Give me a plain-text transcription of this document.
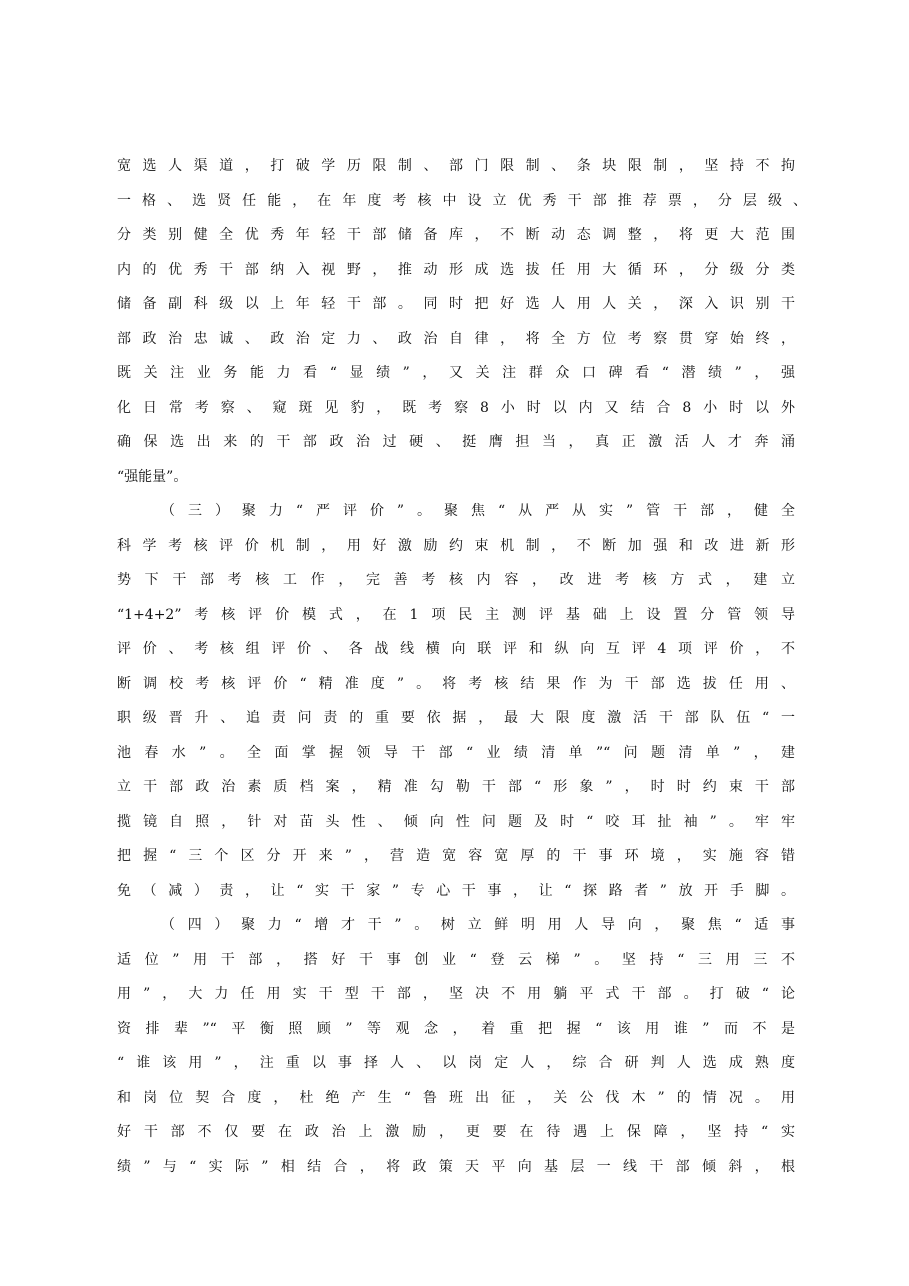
宽选人渠道，打破学历限制、部门限制、条块限制，坚持不拘
一格、选贤任能，在年度考核中设立优秀干部推荐票，分层级、
分类别健全优秀年轻干部储备库，不断动态调整，将更大范围
内的优秀干部纳入视野，推动形成选拔任用大循环，分级分类
储备副科级以上年轻干部。同时把好选人用人关，深入识别干
部政治忠诚、政治定力、政治自律，将全方位考察贯穿始终，
既关注业务能力看“显绩”，又关注群众口碑看“潜绩”，强
化日常考察、窥斑见豹，既考察8小时以内又结合8小时以外
确保选出来的干部政治过硬、挺膺担当，真正激活人才奔涌
“强能量”。
（三）聚力“严评价”。聚焦“从严从实”管干部，健全
科学考核评价机制，用好激励约束机制，不断加强和改进新形
势下干部考核工作，完善考核内容，改进考核方式，建立
“1+4+2”考核评价模式，在1项民主测评基础上设置分管领导
评价、考核组评价、各战线横向联评和纵向互评4项评价，不
断调校考核评价“精准度”。将考核结果作为干部选拔任用、
职级晋升、追责问责的重要依据，最大限度激活干部队伍“一
池春水”。全面掌握领导干部“业绩清单”“问题清单”，建
立干部政治素质档案，精准勾勒干部“形象”，时时约束干部
揽镜自照，针对苗头性、倾向性问题及时“咬耳扯袖”。牢牢
把握“三个区分开来”，营造宽容宽厚的干事环境，实施容错
免（减）责，让“实干家”专心干事，让“探路者”放开手脚。
（四）聚力“增才干”。树立鲜明用人导向，聚焦“适事
适位”用干部，搭好干事创业“登云梯”。坚持“三用三不
用”，大力任用实干型干部，坚决不用躺平式干部。打破“论
资排辈”“平衡照顾”等观念，着重把握“该用谁”而不是
“谁该用”，注重以事择人、以岗定人，综合研判人选成熟度
和岗位契合度，杜绝产生“鲁班出征，关公伐木”的情况。用
好干部不仅要在政治上激励，更要在待遇上保障，坚持“实
绩”与“实际”相结合，将政策天平向基层一线干部倾斜，根
